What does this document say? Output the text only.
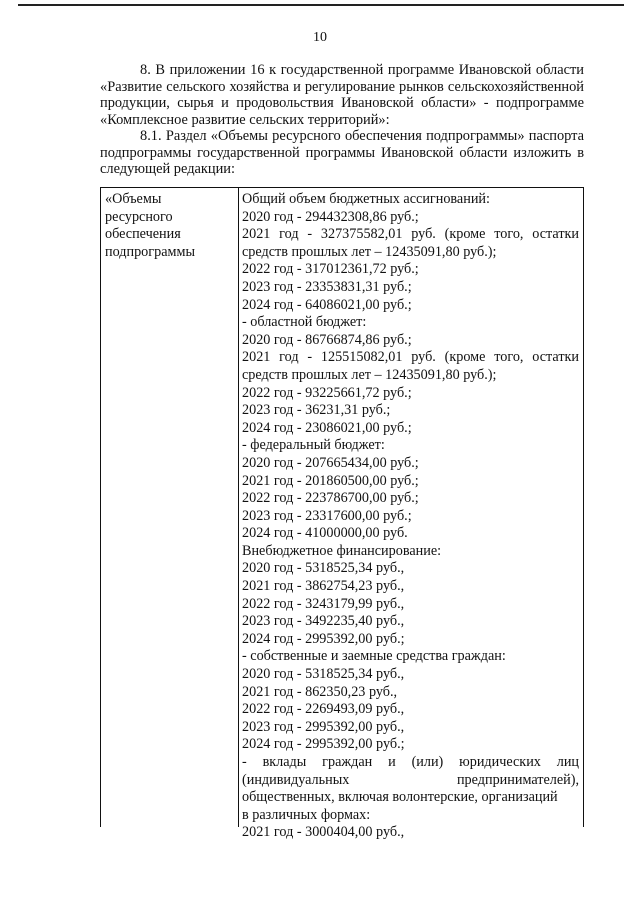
10

8. В приложении 16 к государственной программе Ивановской области «Развитие сельского хозяйства и регулирование рынков сельскохозяйственной продукции, сырья и продовольствия Ивановской области» - подпрограмме «Комплексное развитие сельских территорий»:

8.1. Раздел «Объемы ресурсного обеспечения подпрограммы» паспорта подпрограммы государственной программы Ивановской области изложить в следующей редакции:

«Объемы
ресурсного
обеспечения
подпрограммы
Общий объем бюджетных ассигнований:
2020 год - 294432308,86 руб.;
2021 год - 327375582,01 руб. (кроме того, остатки
средств прошлых лет – 12435091,80 руб.);
2022 год - 317012361,72 руб.;
2023 год - 23353831,31 руб.;
2024 год - 64086021,00 руб.;
- областной бюджет:
2020 год - 86766874,86 руб.;
2021 год - 125515082,01 руб. (кроме того, остатки
средств прошлых лет – 12435091,80 руб.);
2022 год - 93225661,72 руб.;
2023 год - 36231,31 руб.;
2024 год - 23086021,00 руб.;
- федеральный бюджет:
2020 год - 207665434,00 руб.;
2021 год - 201860500,00 руб.;
2022 год - 223786700,00 руб.;
2023 год - 23317600,00 руб.;
2024 год - 41000000,00 руб.
Внебюджетное финансирование:
2020 год - 5318525,34 руб.,
2021 год - 3862754,23 руб.,
2022 год - 3243179,99 руб.,
2023 год - 3492235,40 руб.,
2024 год - 2995392,00 руб.;
- собственные и заемные средства граждан:
2020 год - 5318525,34 руб.,
2021 год - 862350,23 руб.,
2022 год - 2269493,09 руб.,
2023 год - 2995392,00 руб.,
2024 год - 2995392,00 руб.;
- вклады граждан и (или) юридических лиц
(индивидуальных	предпринимателей),
общественных, включая волонтерские, организаций
в различных формах:
2021 год - 3000404,00 руб.,
